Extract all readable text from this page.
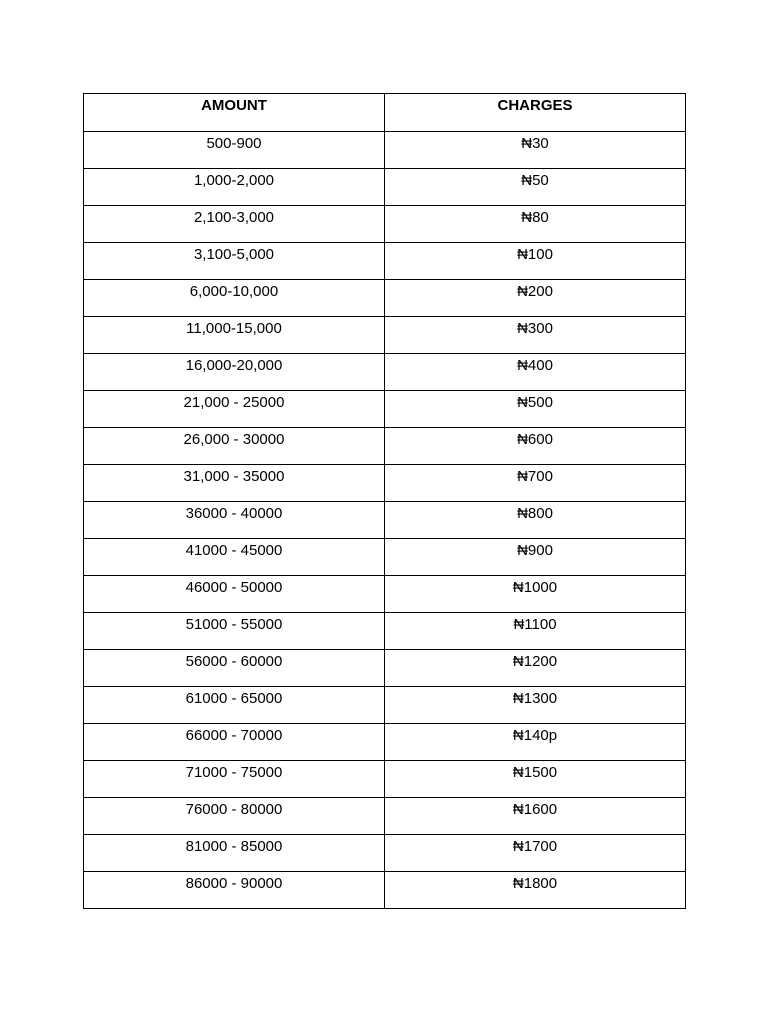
AMOUNT	CHARGES

500-900	₦30

1,000-2,000	₦50

2,100-3,000	₦80

3,100-5,000	₦100

6,000-10,000	₦200

11,000-15,000	₦300

16,000-20,000	₦400

21,000 - 25000	₦500

26,000 - 30000	₦600

31,000 - 35000	₦700

36000 - 40000	₦800

41000 - 45000	₦900

46000 - 50000	₦1000

51000 - 55000	₦1100

56000 - 60000	₦1200

61000 - 65000	₦1300

66000 - 70000	₦140p

71000 - 75000	₦1500

76000 - 80000	₦1600

81000 - 85000	₦1700

86000 - 90000	₦1800
